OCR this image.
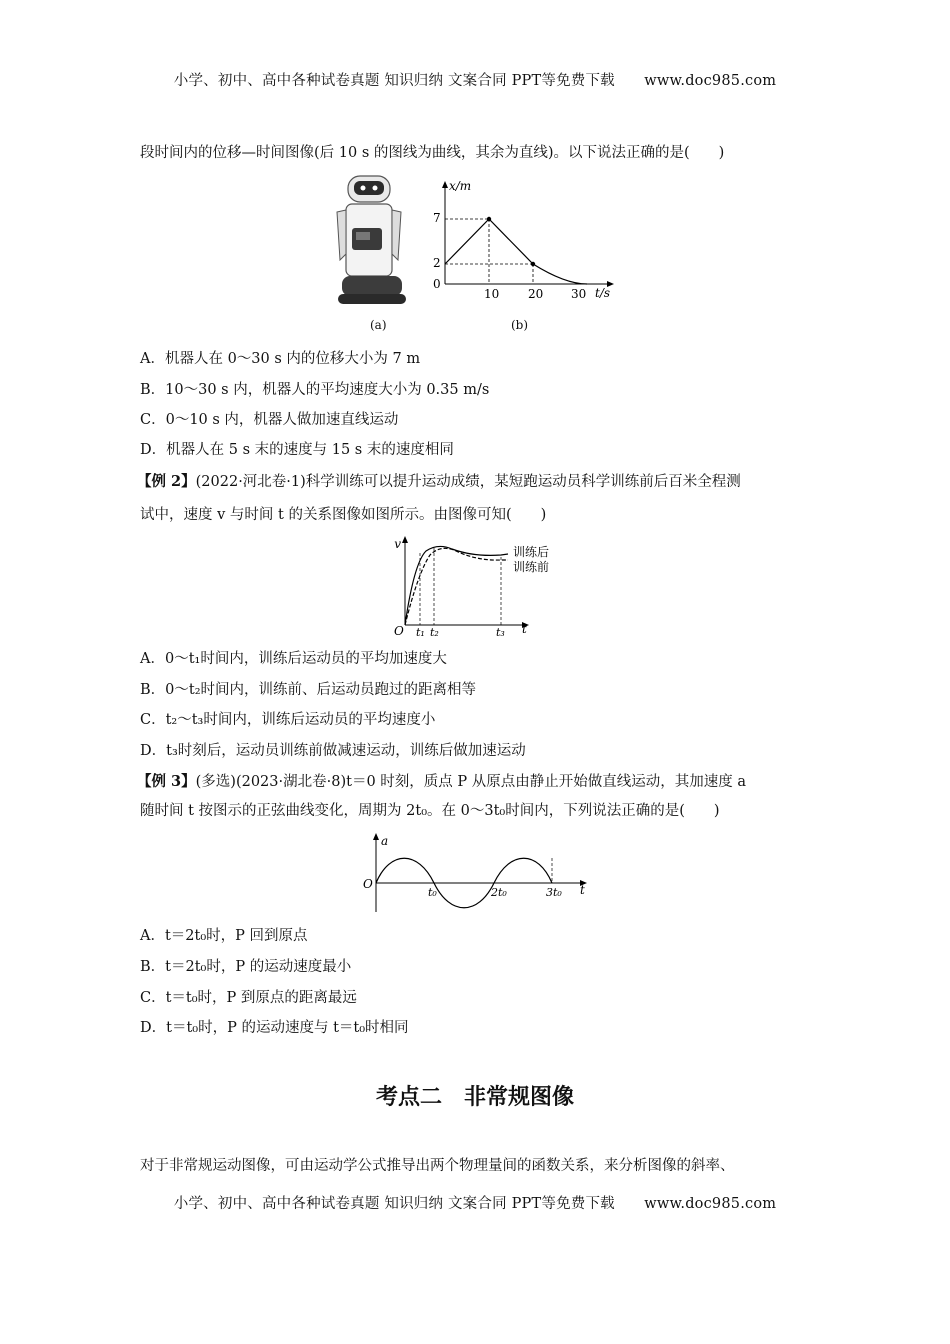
小学、初中、高中各种试卷真题 知识归纳 文案合同 PPT等免费下载　　www.doc985.com
段时间内的位移—时间图像(后 10 s 的图线为曲线，其余为直线)。以下说法正确的是(　　)
(a)
x/m
t/s
7
2
0
10 20 30
(b)
A．机器人在 0～30 s 内的位移大小为 7 m
B．10～30 s 内，机器人的平均速度大小为 0.35 m/s
C．0～10 s 内，机器人做加速直线运动
D．机器人在 5 s 末的速度与 15 s 末的速度相同
【例 2】(2022·河北卷·1)科学训练可以提升运动成绩，某短跑运动员科学训练前后百米全程测
试中，速度 v 与时间 t 的关系图像如图所示。由图像可知(　　)
v
t
O t₁ t₂	t₃
训练后
训练前
A．0～t₁时间内，训练后运动员的平均加速度大
B．0～t₂时间内，训练前、后运动员跑过的距离相等
C．t₂～t₃时间内，训练后运动员的平均速度小
D．t₃时刻后，运动员训练前做减速运动，训练后做加速运动
【例 3】(多选)(2023·湖北卷·8)t＝0 时刻，质点 P 从原点由静止开始做直线运动，其加速度 a
随时间 t 按图示的正弦曲线变化，周期为 2t₀。在 0～3t₀时间内，下列说法正确的是(　　)
a
t
O
t₀	2t₀	3t₀
A．t＝2t₀时，P 回到原点
B．t＝2t₀时，P 的运动速度最小
C．t＝t₀时，P 到原点的距离最远
D．t＝t₀时，P 的运动速度与 t＝t₀时相同
考点二　非常规图像
对于非常规运动图像，可由运动学公式推导出两个物理量间的函数关系，来分析图像的斜率、
小学、初中、高中各种试卷真题 知识归纳 文案合同 PPT等免费下载　　www.doc985.com
